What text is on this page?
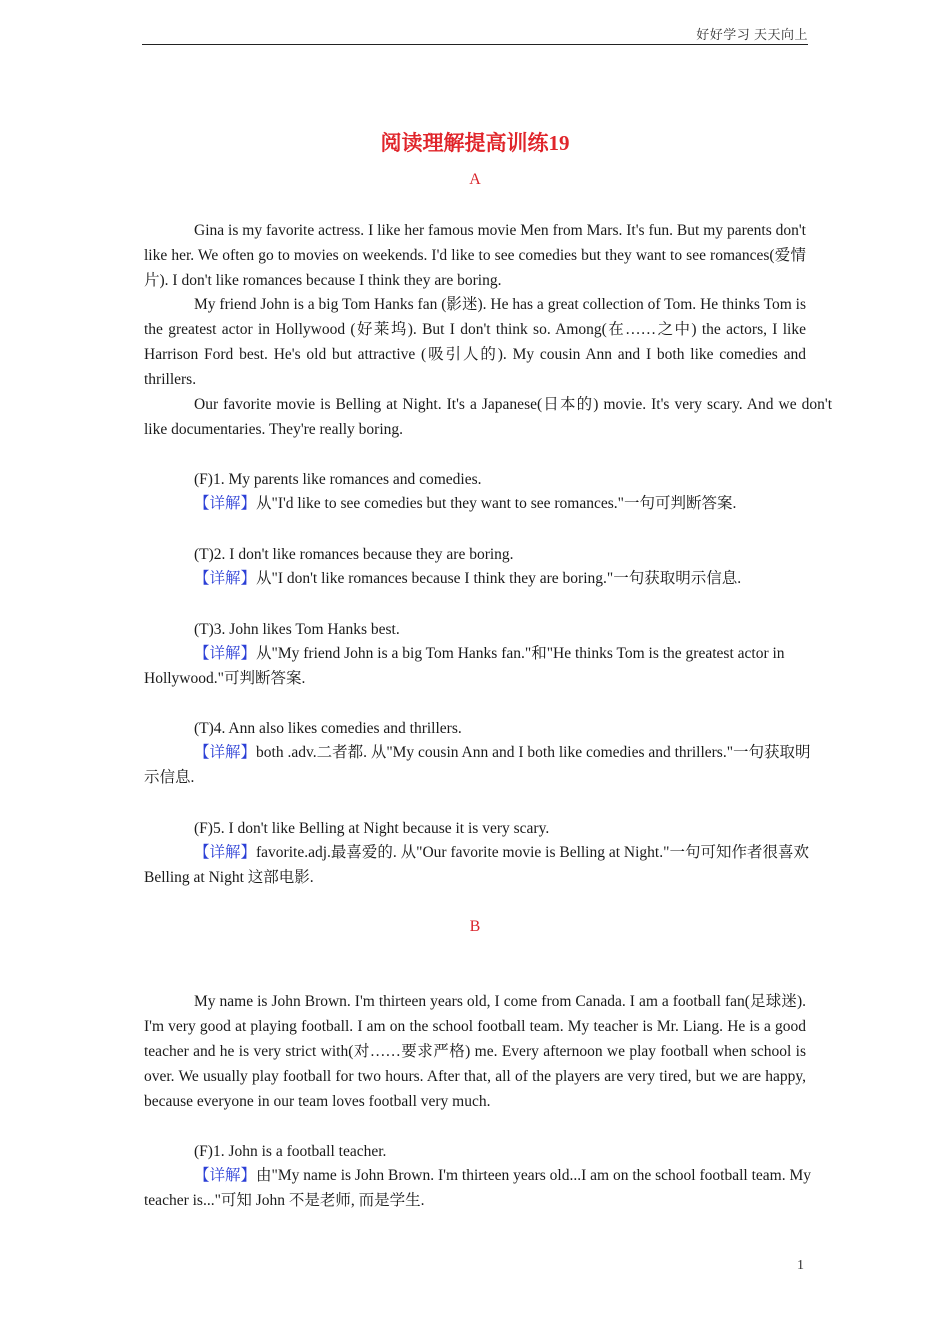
好好学习 天天向上
阅读理解提高训练19
A

Gina is my favorite actress. I like her famous movie Men from Mars. It's fun. But my parents don't like her. We often go to movies on weekends. I'd like to see comedies but they want to see romances(爱情片). I don't like romances because I think they are boring.

My friend John is a big Tom Hanks fan (影迷). He has a great collection of Tom. He thinks Tom is the greatest actor in Hollywood (好莱坞). But I don't think so. Among(在……之中) the actors, I like Harrison Ford best. He's old but attractive (吸引人的). My cousin Ann and I both like comedies and thrillers.

Our favorite movie is Belling at Night. It's a Japanese(日本的) movie. It's very scary. And we don't like documentaries. They're really boring.

(F)1. My parents like romances and comedies.

【详解】从"I'd like to see comedies but they want to see romances."一句可判断答案.

(T)2. I don't like romances because they are boring.

【详解】从"I don't like romances because I think they are boring."一句获取明示信息.

(T)3. John likes Tom Hanks best.

【详解】从"My friend John is a big Tom Hanks fan."和"He thinks Tom is the greatest actor in Hollywood."可判断答案.

(T)4. Ann also likes comedies and thrillers.

【详解】both .adv.二者都. 从"My cousin Ann and I both like comedies and thrillers."一句获取明示信息.

(F)5. I don't like Belling at Night because it is very scary.

【详解】favorite.adj.最喜爱的. 从"Our favorite movie is Belling at Night."一句可知作者很喜欢 Belling at Night 这部电影.

B

My name is John Brown. I'm thirteen years old, I come from Canada. I am a football fan(足球迷). I'm very good at playing football. I am on the school football team. My teacher is Mr. Liang. He is a good teacher and he is very strict with(对……要求严格) me. Every afternoon we play football when school is over. We usually play football for two hours. After that, all of the players are very tired, but we are happy, because everyone in our team loves football very much.

(F)1. John is a football teacher.

【详解】由"My name is John Brown. I'm thirteen years old...I am on the school football team. My teacher is..."可知 John 不是老师, 而是学生.

1
